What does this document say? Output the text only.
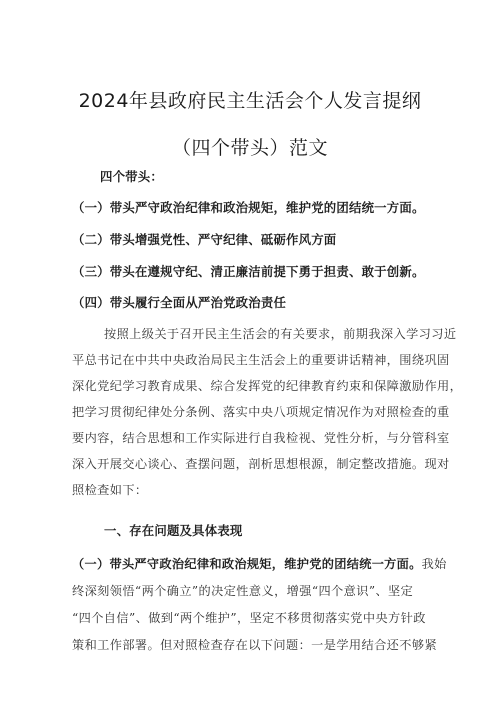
2024年县政府民主生活会个人发言提纲
（四个带头）范文
四个带头：
（一）带头严守政治纪律和政治规矩，维护党的团结统一方面。
（二）带头增强党性、严守纪律、砥砺作风方面
（三）带头在遵规守纪、清正廉洁前提下勇于担责、敢于创新。
（四）带头履行全面从严治党政治责任
按照上级关于召开民主生活会的有关要求，前期我深入学习习近
平总书记在中共中央政治局民主生活会上的重要讲话精神，围绕巩固
深化党纪学习教育成果、综合发挥党的纪律教育约束和保障激励作用，
把学习贯彻纪律处分条例、落实中央八项规定情况作为对照检查的重
要内容，结合思想和工作实际进行自我检视、党性分析，与分管科室
深入开展交心谈心、查摆问题，剖析思想根源，制定整改措施。现对
照检查如下：
一、存在问题及具体表现
（一）带头严守政治纪律和政治规矩，维护党的团结统一方面。我始
终深刻领悟“两个确立”的决定性意义，增强“四个意识”、坚定
“四个自信”、做到“两个维护”，坚定不移贯彻落实党中央方针政
策和工作部署。但对照检查存在以下问题：一是学用结合还不够紧
